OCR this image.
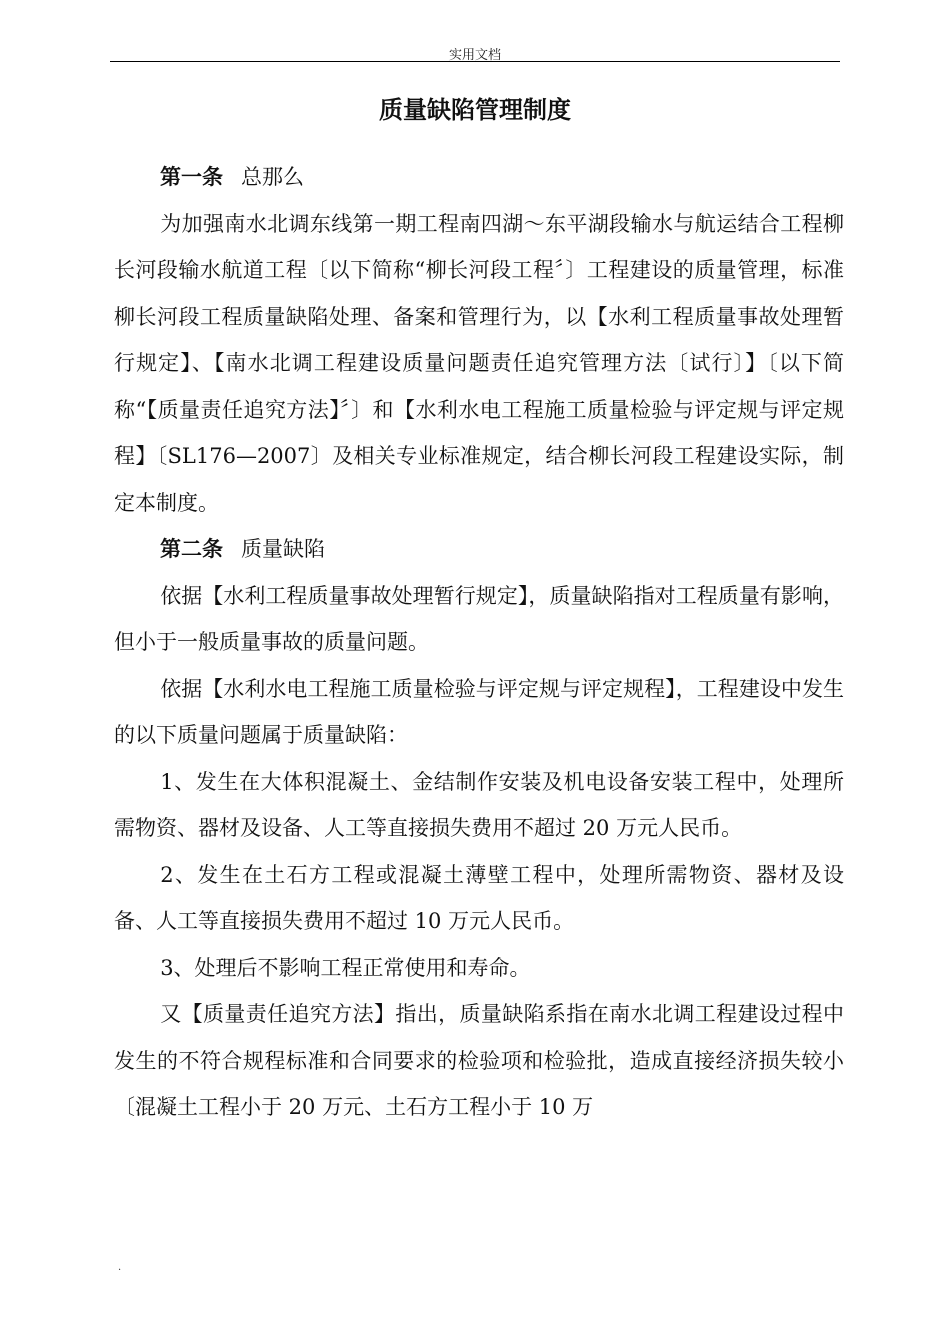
实用文档
质量缺陷管理制度

第一条 总那么

为加强南水北调东线第一期工程南四湖～东平湖段输水与航运结合工程柳长河段输水航道工程〔以下简称“柳长河段工程〞〕工程建设的质量管理，标准柳长河段工程质量缺陷处理、备案和管理行为，以【水利工程质量事故处理暂行规定】、【南水北调工程建设质量问题责任追究管理方法〔试行〕】〔以下简称“【质量责任追究方法】〞〕和【水利水电工程施工质量检验与评定规与评定规程】〔SL176—2007〕及相关专业标准规定，结合柳长河段工程建设实际，制定本制度。

第二条 质量缺陷

依据【水利工程质量事故处理暂行规定】，质量缺陷指对工程质量有影响，但小于一般质量事故的质量问题。

依据【水利水电工程施工质量检验与评定规与评定规程】，工程建设中发生的以下质量问题属于质量缺陷：

1、发生在大体积混凝土、金结制作安装及机电设备安装工程中，处理所需物资、器材及设备、人工等直接损失费用不超过 20 万元人民币。

2、发生在土石方工程或混凝土薄壁工程中，处理所需物资、器材及设备、人工等直接损失费用不超过 10 万元人民币。

3、处理后不影响工程正常使用和寿命。

又【质量责任追究方法】指出，质量缺陷系指在南水北调工程建设过程中发生的不符合规程标准和合同要求的检验项和检验批，造成直接经济损失较小〔混凝土工程小于 20 万元、土石方工程小于 10 万

.
